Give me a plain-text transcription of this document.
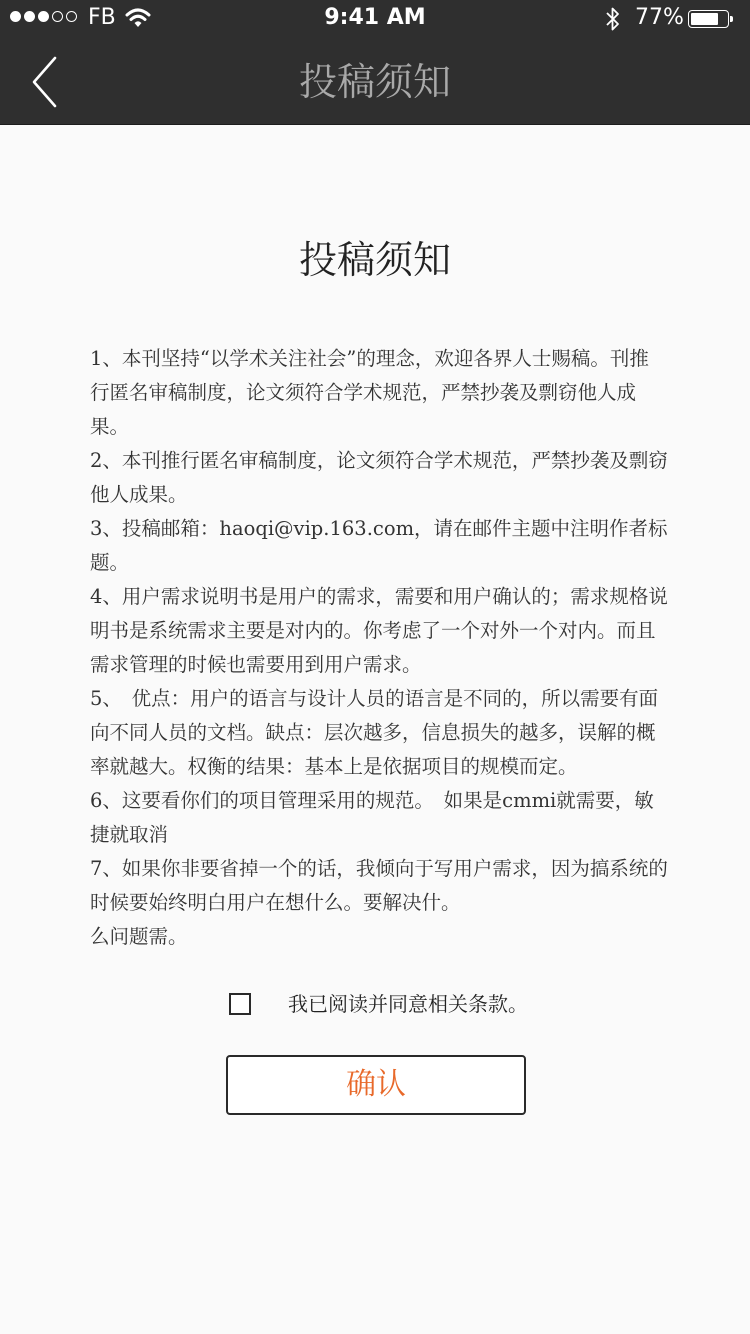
FB	9:41 AM	77%
投稿须知
投稿须知

1、本刊坚持“以学术关注社会”的理念，欢迎各界人士赐稿。刊推行匿名审稿制度，论文须符合学术规范，严禁抄袭及剽窃他人成果。

2、本刊推行匿名审稿制度，论文须符合学术规范，严禁抄袭及剽窃他人成果。

3、投稿邮箱：haoqi@vip.163.com，请在邮件主题中注明作者标题。

4、用户需求说明书是用户的需求，需要和用户确认的；需求规格说明书是系统需求主要是对内的。你考虑了一个对外一个对内。而且需求管理的时候也需要用到用户需求。

5、　优点：用户的语言与设计人员的语言是不同的，所以需要有面向不同人员的文档。缺点：层次越多，信息损失的越多，误解的概率就越大。权衡的结果：基本上是依据项目的规模而定。

6、这要看你们的项目管理采用的规范。　如果是cmmi就需要，敏捷就取消

7、如果你非要省掉一个的话，我倾向于写用户需求，因为搞系统的时候要始终明白用户在想什么。要解决什。

么问题需。

我已阅读并同意相关条款。
确认
